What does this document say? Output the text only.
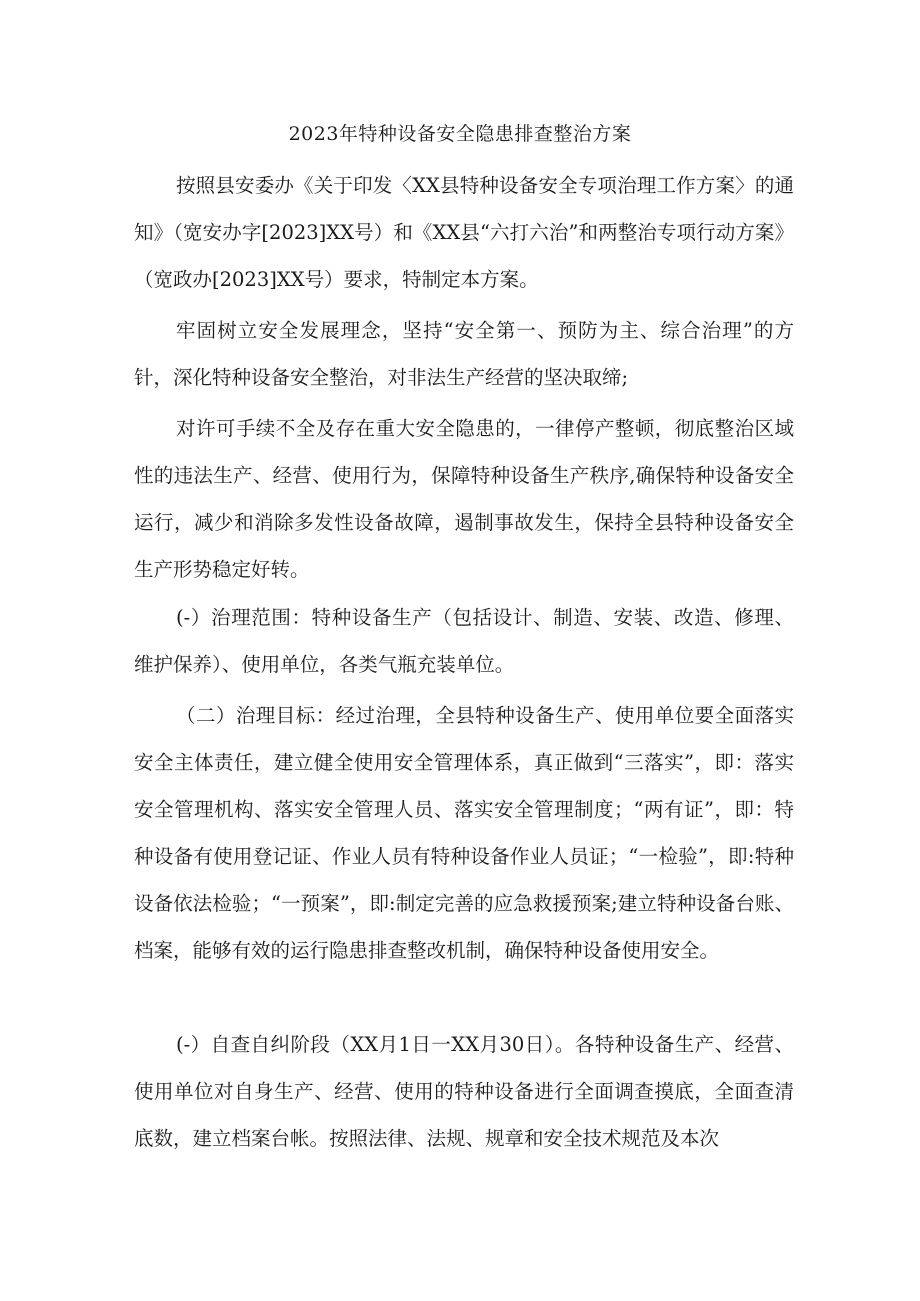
2023年特种设备安全隐患排查整治方案

按照县安委办《关于印发〈XX县特种设备安全专项治理工作方案〉的通知》（宽安办字[2023]XX号）和《XX县“六打六治”和两整治专项行动方案》（宽政办[2023]XX号）要求，特制定本方案。

牢固树立安全发展理念，坚持“安全第一、预防为主、综合治理”的方针，深化特种设备安全整治，对非法生产经营的坚决取缔;

对许可手续不全及存在重大安全隐患的，一律停产整顿，彻底整治区域性的违法生产、经营、使用行为，保障特种设备生产秩序,确保特种设备安全运行，减少和消除多发性设备故障，遏制事故发生，保持全县特种设备安全生产形势稳定好转。

(-）治理范围：特种设备生产（包括设计、制造、安装、改造、修理、维护保养）、使用单位，各类气瓶充装单位。

（二）治理目标：经过治理，全县特种设备生产、使用单位要全面落实安全主体责任，建立健全使用安全管理体系，真正做到“三落实”，即：落实安全管理机构、落实安全管理人员、落实安全管理制度；“两有证”，即：特种设备有使用登记证、作业人员有特种设备作业人员证；“一检验”，即:特种设备依法检验；“一预案”，即:制定完善的应急救援预案;建立特种设备台账、档案，能够有效的运行隐患排查整改机制，确保特种设备使用安全。

(-）自查自纠阶段（XX月1日一XX月30日）。各特种设备生产、经营、使用单位对自身生产、经营、使用的特种设备进行全面调查摸底，全面查清底数，建立档案台帐。按照法律、法规、规章和安全技术规范及本次
